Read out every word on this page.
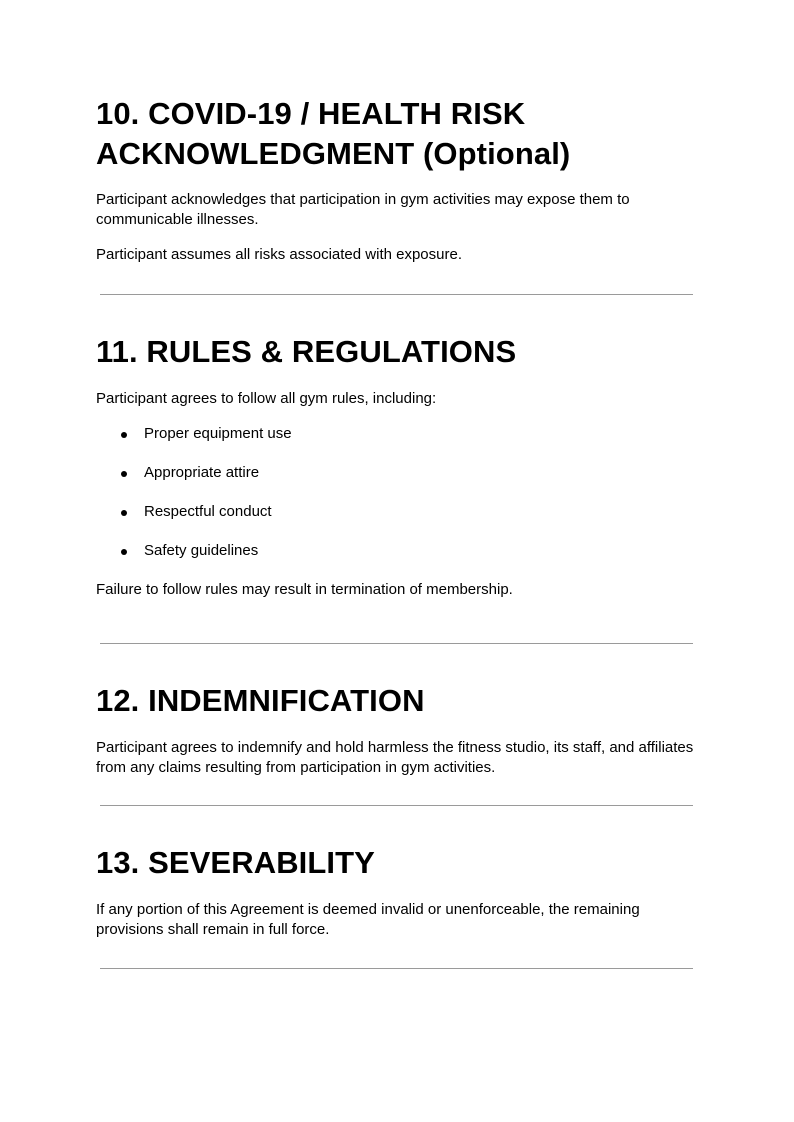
10. COVID-19 / HEALTH RISK
ACKNOWLEDGMENT (Optional)

Participant acknowledges that participation in gym activities may expose them to communicable illnesses.

Participant assumes all risks associated with exposure.

11. RULES & REGULATIONS

Participant agrees to follow all gym rules, including:

Proper equipment use
Appropriate attire
Respectful conduct
Safety guidelines

Failure to follow rules may result in termination of membership.

12. INDEMNIFICATION

Participant agrees to indemnify and hold harmless the fitness studio, its staff, and affiliates from any claims resulting from participation in gym activities.

13. SEVERABILITY

If any portion of this Agreement is deemed invalid or unenforceable, the remaining provisions shall remain in full force.
